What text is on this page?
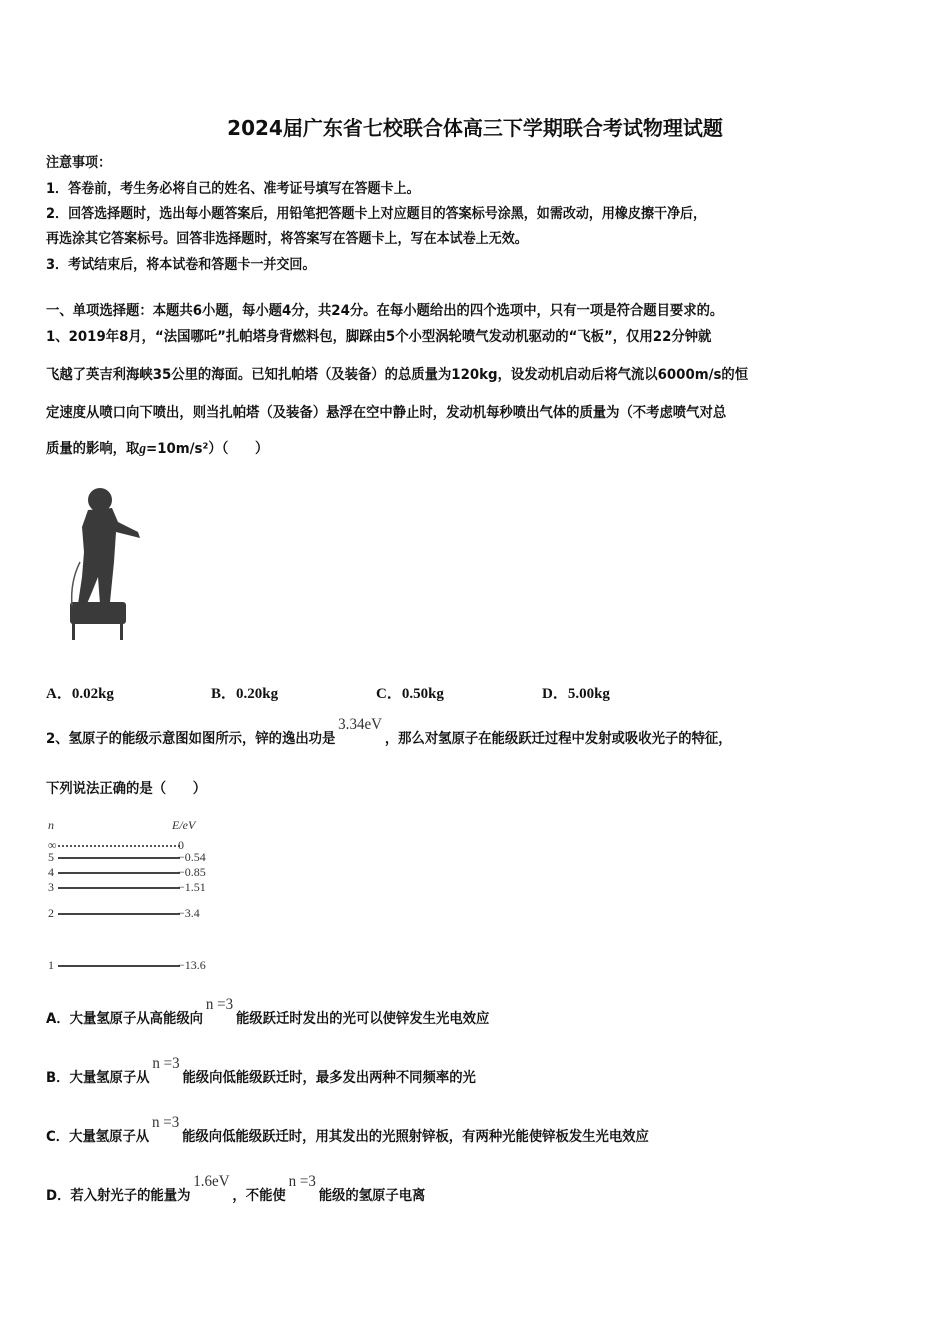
2024届广东省七校联合体高三下学期联合考试物理试题
注意事项：
1．答卷前，考生务必将自己的姓名、准考证号填写在答题卡上。
2．回答选择题时，选出每小题答案后，用铅笔把答题卡上对应题目的答案标号涂黑，如需改动，用橡皮擦干净后，
再选涂其它答案标号。回答非选择题时，将答案写在答题卡上，写在本试卷上无效。
3．考试结束后，将本试卷和答题卡一并交回。
一、单项选择题：本题共6小题，每小题4分，共24分。在每小题给出的四个选项中，只有一项是符合题目要求的。
1、2019年8月，“法国哪吒”扎帕塔身背燃料包，脚踩由5个小型涡轮喷气发动机驱动的“飞板”，仅用22分钟就
飞越了英吉利海峡35公里的海面。已知扎帕塔（及装备）的总质量为120kg，设发动机启动后将气流以6000m/s的恒
定速度从喷口向下喷出，则当扎帕塔（及装备）悬浮在空中静止时，发动机每秒喷出气体的质量为（不考虑喷气对总
质量的影响，取g=10m/s²）（　　）
A．0.02kg	B．0.20kg	C．0.50kg	D．5.00kg
2、氢原子的能级示意图如图所示，锌的逸出功是3.34eV，那么对氢原子在能级跃迁过程中发射或吸收光子的特征，
下列说法正确的是（　　）
n	E/eV
∞	0
5	−0.54
4	−0.85
3	−1.51
2	−3.4
1	−13.6
A．大量氢原子从高能级向n =3能级跃迁时发出的光可以使锌发生光电效应
B．大量氢原子从n =3能级向低能级跃迁时，最多发出两种不同频率的光
C．大量氢原子从n =3能级向低能级跃迁时，用其发出的光照射锌板，有两种光能使锌板发生光电效应
D．若入射光子的能量为1.6eV，不能使n =3能级的氢原子电离
